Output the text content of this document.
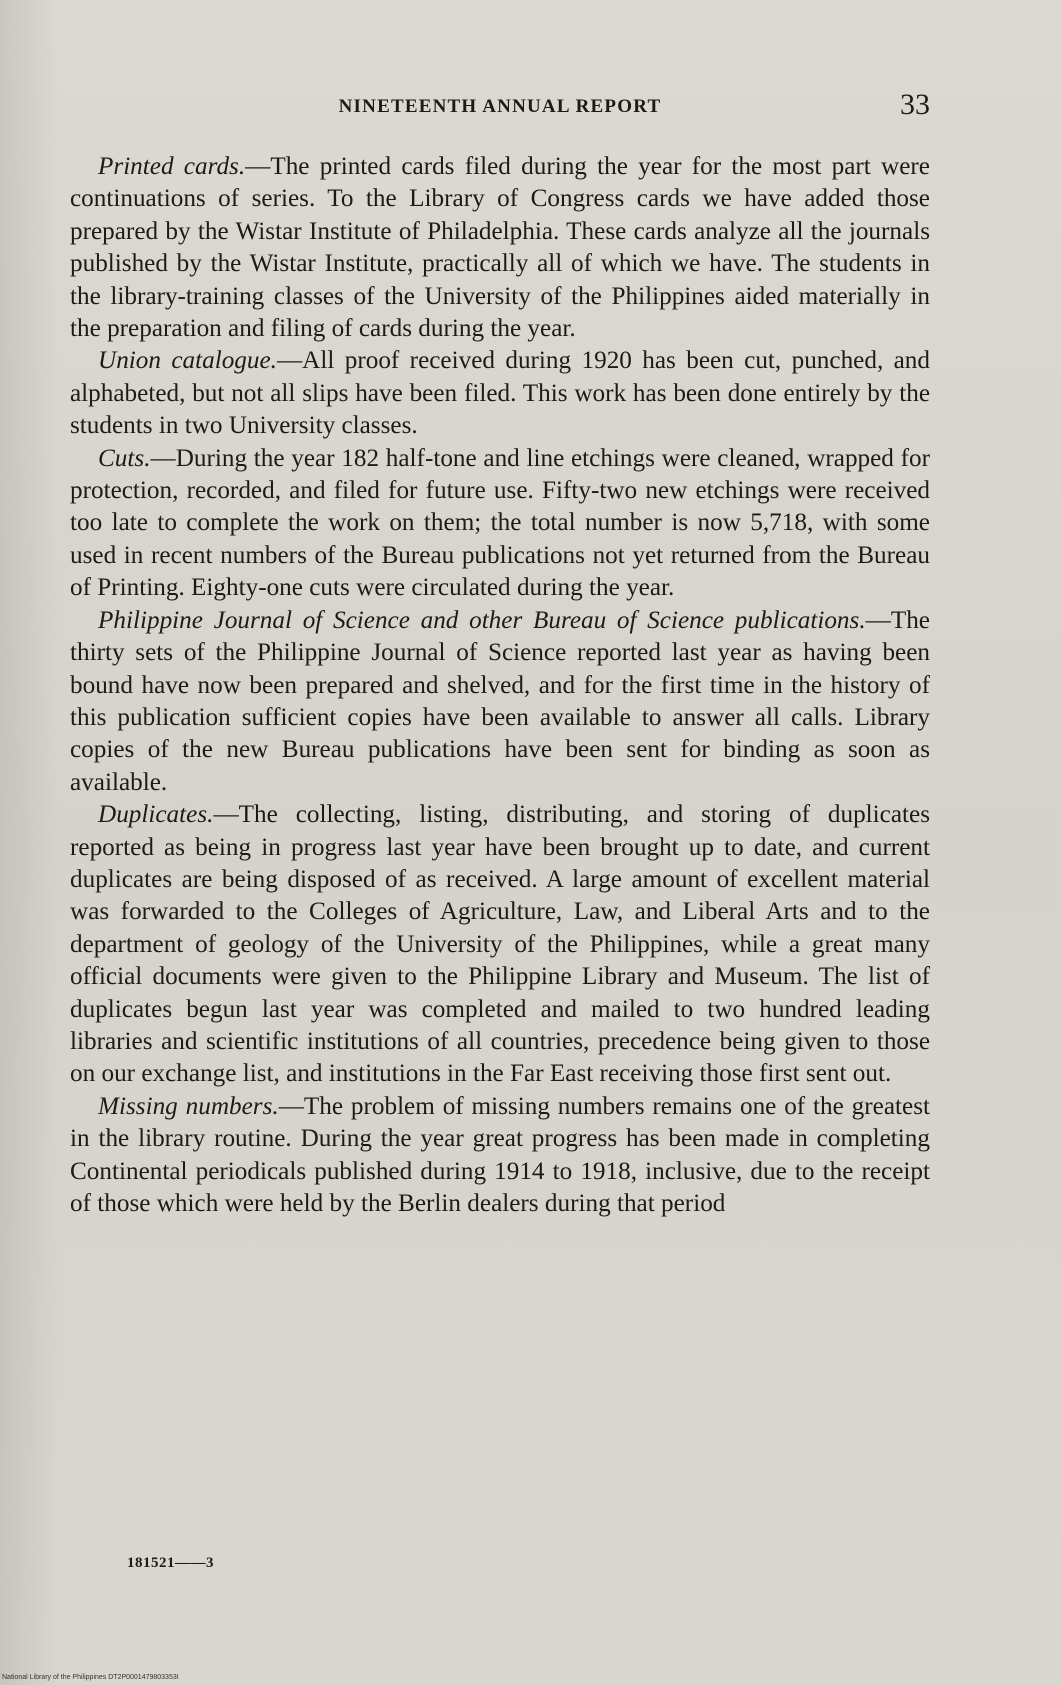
NINETEENTH ANNUAL REPORT	33

Printed cards.—The printed cards filed during the year for the most part were continuations of series. To the Library of Congress cards we have added those prepared by the Wistar Institute of Philadelphia. These cards analyze all the journals published by the Wistar Institute, practically all of which we have. The students in the library-training classes of the University of the Philippines aided materially in the preparation and filing of cards during the year.

Union catalogue.—All proof received during 1920 has been cut, punched, and alphabeted, but not all slips have been filed. This work has been done entirely by the students in two University classes.

Cuts.—During the year 182 half-tone and line etchings were cleaned, wrapped for protection, recorded, and filed for future use. Fifty-two new etchings were received too late to complete the work on them; the total number is now 5,718, with some used in recent numbers of the Bureau publications not yet returned from the Bureau of Printing. Eighty-one cuts were circulated during the year.

Philippine Journal of Science and other Bureau of Science publications.—The thirty sets of the Philippine Journal of Science reported last year as having been bound have now been prepared and shelved, and for the first time in the history of this publication sufficient copies have been available to answer all calls. Library copies of the new Bureau publications have been sent for binding as soon as available.

Duplicates.—The collecting, listing, distributing, and storing of duplicates reported as being in progress last year have been brought up to date, and current duplicates are being disposed of as received. A large amount of excellent material was forwarded to the Colleges of Agriculture, Law, and Liberal Arts and to the department of geology of the University of the Philippines, while a great many official documents were given to the Philippine Library and Museum. The list of duplicates begun last year was completed and mailed to two hundred leading libraries and scientific institutions of all countries, precedence being given to those on our exchange list, and institutions in the Far East receiving those first sent out.

Missing numbers.—The problem of missing numbers remains one of the greatest in the library routine. During the year great progress has been made in completing Continental periodicals published during 1914 to 1918, inclusive, due to the receipt of those which were held by the Berlin dealers during that period

181521——3
National Library of the Philippines DT2P0001479803353I
